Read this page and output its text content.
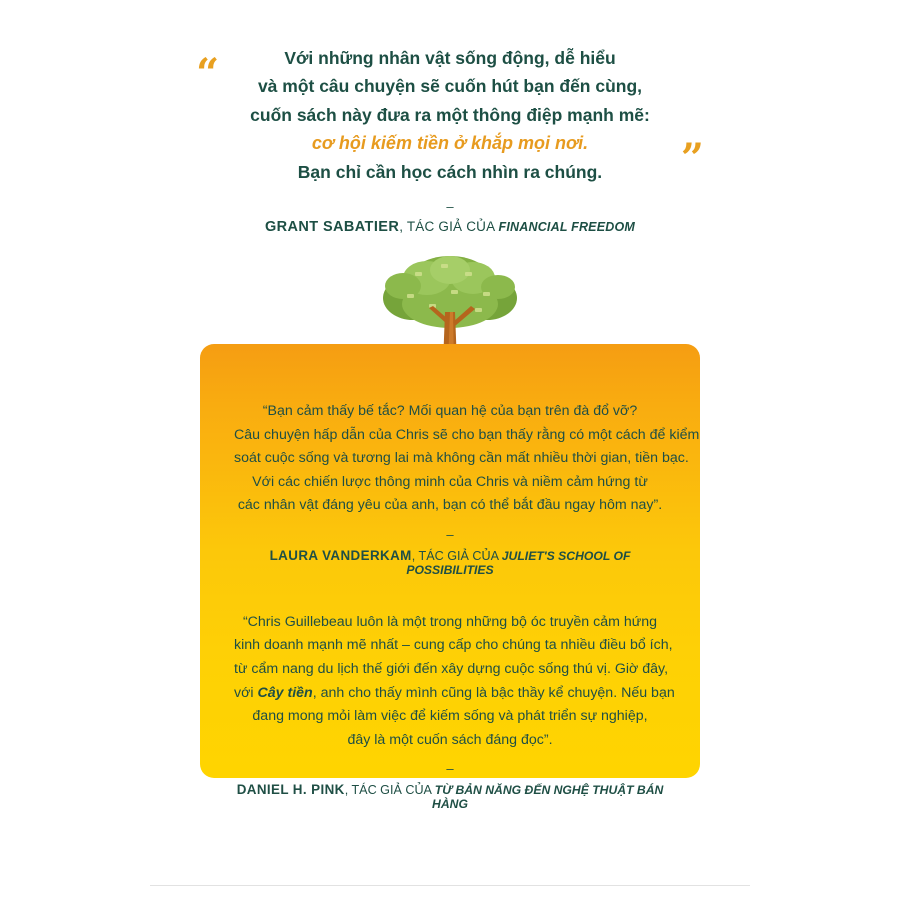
“
”
Với những nhân vật sống động, dễ hiểu
và một câu chuyện sẽ cuốn hút bạn đến cùng,
cuốn sách này đưa ra một thông điệp mạnh mẽ:
cơ hội kiếm tiền ở khắp mọi nơi.
Bạn chỉ cần học cách nhìn ra chúng.
–
GRANT SABATIER, TÁC GIẢ CỦA FINANCIAL FREEDOM
“Bạn cảm thấy bế tắc? Mối quan hệ của bạn trên đà đổ vỡ?
Câu chuyện hấp dẫn của Chris sẽ cho bạn thấy rằng có một cách để kiểm
soát cuộc sống và tương lai mà không cần mất nhiều thời gian, tiền bạc.
Với các chiến lược thông minh của Chris và niềm cảm hứng từ
các nhân vật đáng yêu của anh, bạn có thể bắt đầu ngay hôm nay”.
–
LAURA VANDERKAM, TÁC GIẢ CỦA JULIET'S SCHOOL OF POSSIBILITIES
“Chris Guillebeau luôn là một trong những bộ óc truyền cảm hứng
kinh doanh mạnh mẽ nhất – cung cấp cho chúng ta nhiều điều bổ ích,
từ cẩm nang du lịch thế giới đến xây dựng cuộc sống thú vị. Giờ đây,
với Cây tiền, anh cho thấy mình cũng là bậc thầy kể chuyện. Nếu bạn
đang mong mỏi làm việc để kiếm sống và phát triển sự nghiệp,
đây là một cuốn sách đáng đọc”.
–
DANIEL H. PINK, TÁC GIẢ CỦA TỪ BẢN NĂNG ĐẾN NGHỆ THUẬT BÁN HÀNG
